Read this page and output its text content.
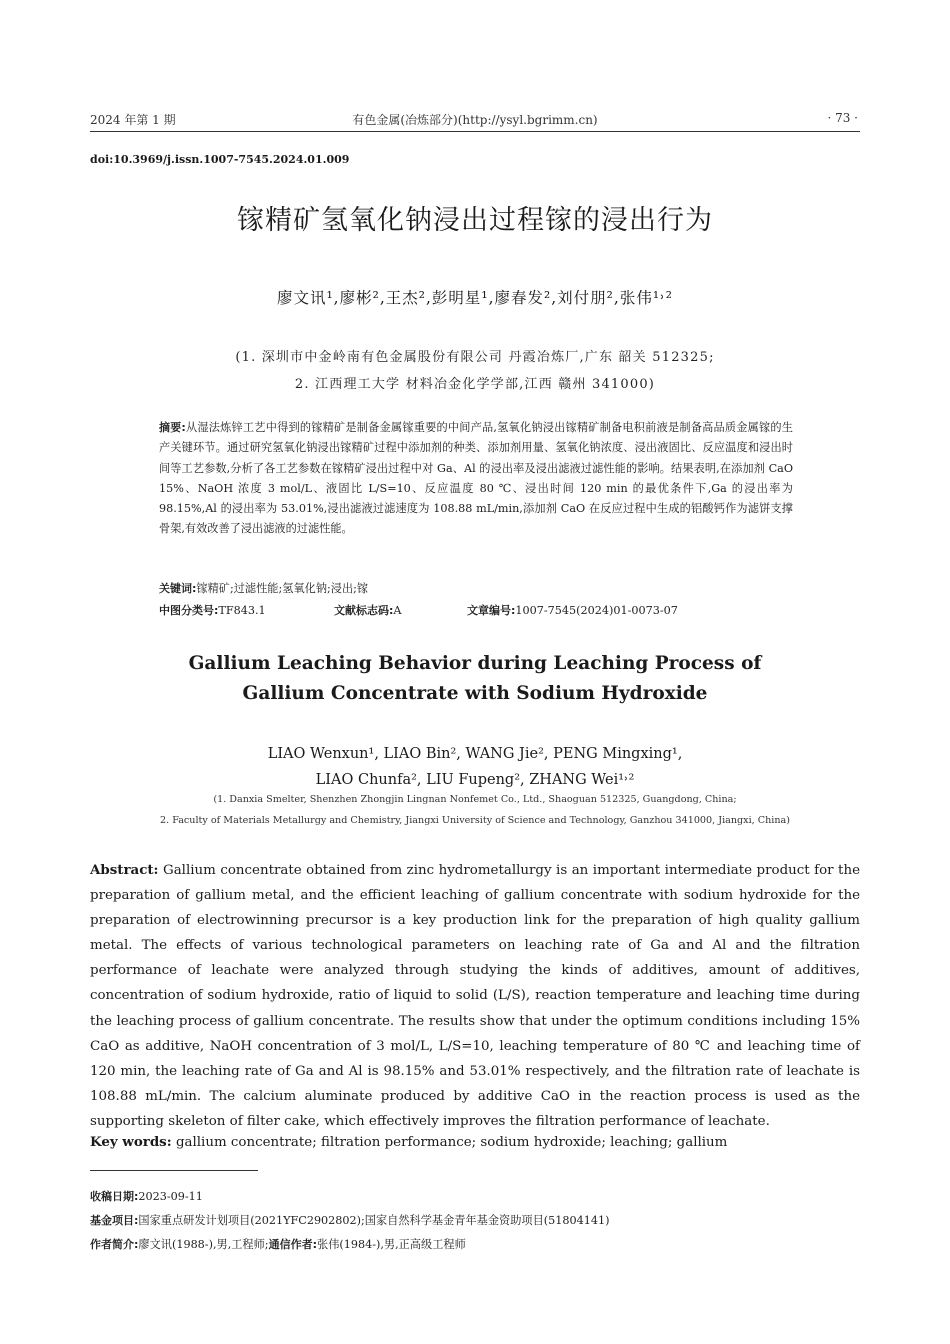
2024 年第 1 期	有色金属(冶炼部分)(http://ysyl.bgrimm.cn)	· 73 ·
doi:10.3969/j.issn.1007-7545.2024.01.009
镓精矿氢氧化钠浸出过程镓的浸出行为
廖文讯¹,廖彬²,王杰²,彭明星¹,廖春发²,刘付朋²,张伟¹˒²
(1. 深圳市中金岭南有色金属股份有限公司 丹霞冶炼厂,广东 韶关 512325;
2. 江西理工大学 材料冶金化学学部,江西 赣州 341000)
摘要:从湿法炼锌工艺中得到的镓精矿是制备金属镓重要的中间产品,氢氧化钠浸出镓精矿制备电积前液是制备高品质金属镓的生产关键环节。通过研究氢氧化钠浸出镓精矿过程中添加剂的种类、添加剂用量、氢氧化钠浓度、浸出液固比、反应温度和浸出时间等工艺参数,分析了各工艺参数在镓精矿浸出过程中对 Ga、Al 的浸出率及浸出滤液过滤性能的影响。结果表明,在添加剂 CaO 15%、NaOH 浓度 3 mol/L、液固比 L/S=10、反应温度 80 ℃、浸出时间 120 min 的最优条件下,Ga 的浸出率为 98.15%,Al 的浸出率为 53.01%,浸出滤液过滤速度为 108.88 mL/min,添加剂 CaO 在反应过程中生成的铝酸钙作为滤饼支撑骨架,有效改善了浸出滤液的过滤性能。
关键词:镓精矿;过滤性能;氢氧化钠;浸出;镓
中图分类号:TF843.1	文献标志码:A	文章编号:1007-7545(2024)01-0073-07
Gallium Leaching Behavior during Leaching Process of
Gallium Concentrate with Sodium Hydroxide
LIAO Wenxun¹, LIAO Bin², WANG Jie², PENG Mingxing¹,
LIAO Chunfa², LIU Fupeng², ZHANG Wei¹˒²
(1. Danxia Smelter, Shenzhen Zhongjin Lingnan Nonfemet Co., Ltd., Shaoguan 512325, Guangdong, China;
2. Faculty of Materials Metallurgy and Chemistry, Jiangxi University of Science and Technology, Ganzhou 341000, Jiangxi, China)
Abstract: Gallium concentrate obtained from zinc hydrometallurgy is an important intermediate product for the preparation of gallium metal, and the efficient leaching of gallium concentrate with sodium hydroxide for the preparation of electrowinning precursor is a key production link for the preparation of high quality gallium metal. The effects of various technological parameters on leaching rate of Ga and Al and the filtration performance of leachate were analyzed through studying the kinds of additives, amount of additives, concentration of sodium hydroxide, ratio of liquid to solid (L/S), reaction temperature and leaching time during the leaching process of gallium concentrate. The results show that under the optimum conditions including 15% CaO as additive, NaOH concentration of 3 mol/L, L/S=10, leaching temperature of 80 ℃ and leaching time of 120 min, the leaching rate of Ga and Al is 98.15% and 53.01% respectively, and the filtration rate of leachate is 108.88 mL/min. The calcium aluminate produced by additive CaO in the reaction process is used as the supporting skeleton of filter cake, which effectively improves the filtration performance of leachate.
Key words: gallium concentrate; filtration performance; sodium hydroxide; leaching; gallium
收稿日期:2023-09-11
基金项目:国家重点研发计划项目(2021YFC2902802);国家自然科学基金青年基金资助项目(51804141)
作者简介:廖文讯(1988-),男,工程师;通信作者:张伟(1984-),男,正高级工程师
